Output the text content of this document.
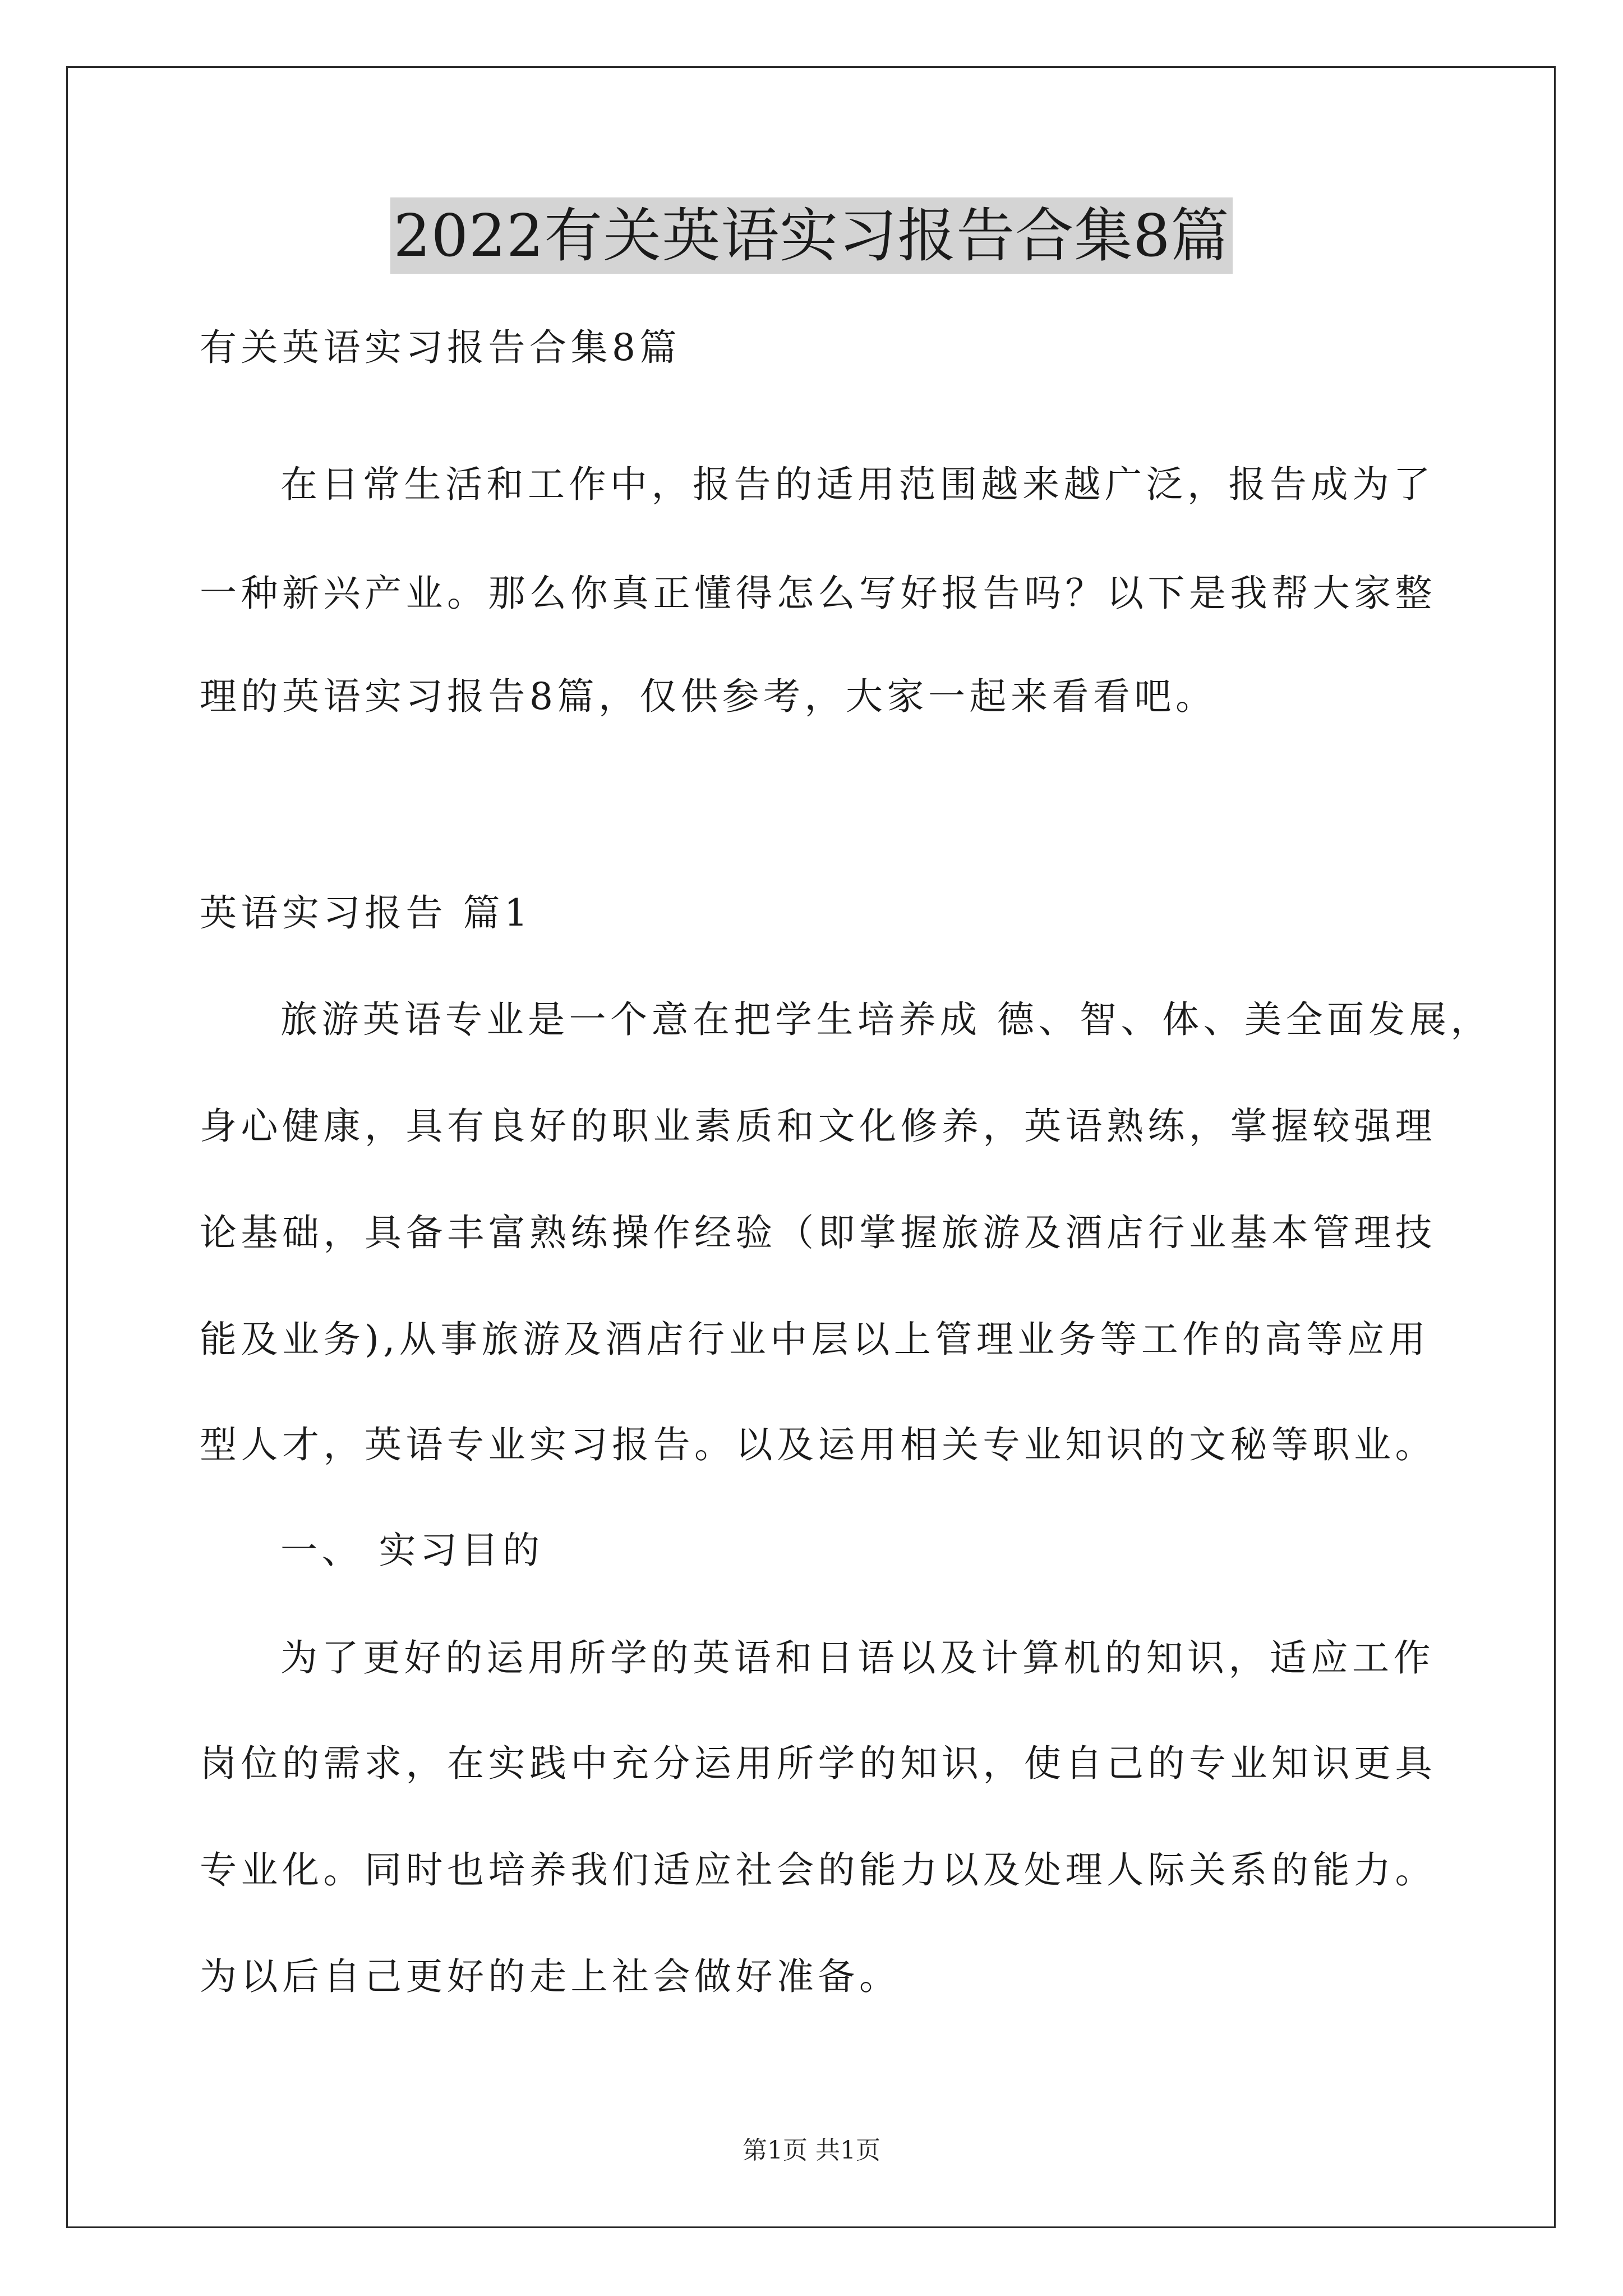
2022有关英语实习报告合集8篇
有关英语实习报告合集8篇
在日常生活和工作中，报告的适用范围越来越广泛，报告成为了
一种新兴产业。那么你真正懂得怎么写好报告吗？以下是我帮大家整
理的英语实习报告8篇，仅供参考，大家一起来看看吧。
英语实习报告 篇1
旅游英语专业是一个意在把学生培养成 德、智、体、美全面发展，
身心健康，具有良好的职业素质和文化修养，英语熟练，掌握较强理
论基础，具备丰富熟练操作经验（即掌握旅游及酒店行业基本管理技
能及业务),从事旅游及酒店行业中层以上管理业务等工作的高等应用
型人才，英语专业实习报告。以及运用相关专业知识的文秘等职业。
一、 实习目的
为了更好的运用所学的英语和日语以及计算机的知识，适应工作
岗位的需求，在实践中充分运用所学的知识，使自己的专业知识更具
专业化。同时也培养我们适应社会的能力以及处理人际关系的能力。
为以后自己更好的走上社会做好准备。
第1页 共1页
